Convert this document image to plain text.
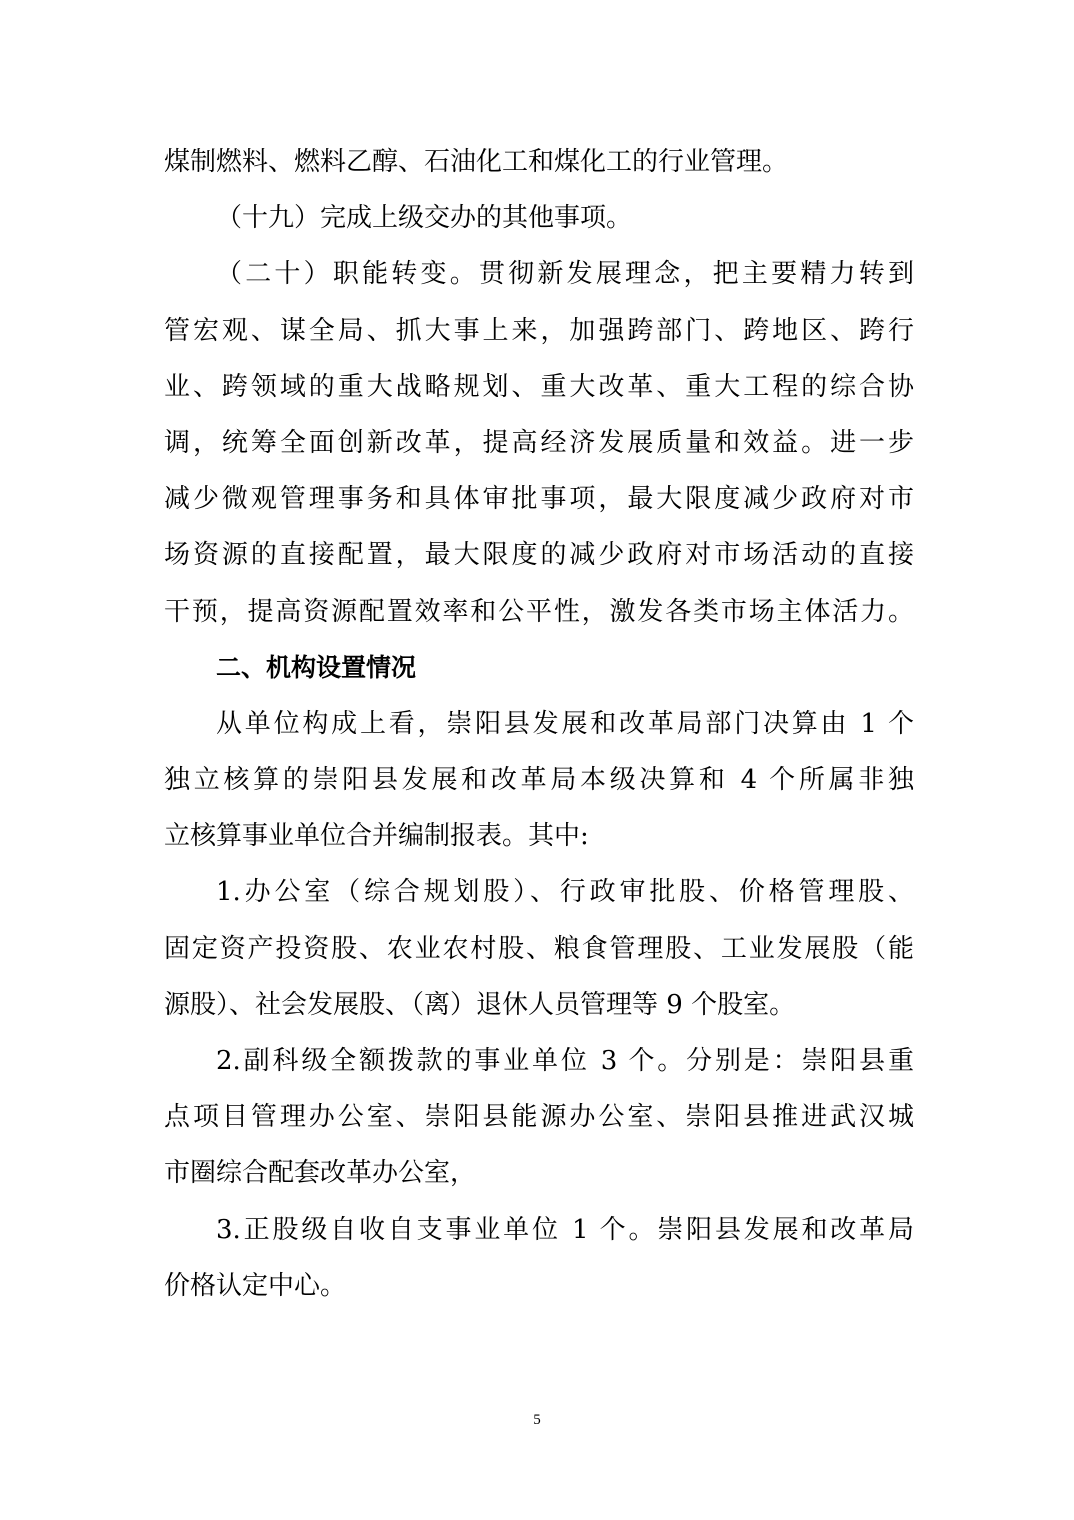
煤制燃料、燃料乙醇、石油化工和煤化工的行业管理。
（十九）完成上级交办的其他事项。
（二十）职能转变。贯彻新发展理念，把主要精力转到
管宏观、谋全局、抓大事上来，加强跨部门、跨地区、跨行
业、跨领域的重大战略规划、重大改革、重大工程的综合协
调，统筹全面创新改革，提高经济发展质量和效益。进一步
减少微观管理事务和具体审批事项，最大限度减少政府对市
场资源的直接配置，最大限度的减少政府对市场活动的直接
干预，提高资源配置效率和公平性，激发各类市场主体活力。
二、机构设置情况
从单位构成上看，崇阳县发展和改革局部门决算由 1 个
独立核算的崇阳县发展和改革局本级决算和 4 个所属非独
立核算事业单位合并编制报表。其中:
1.办公室（综合规划股）、行政审批股、价格管理股、
固定资产投资股、农业农村股、粮食管理股、工业发展股（能
源股）、社会发展股、（离）退休人员管理等 9 个股室。
2.副科级全额拨款的事业单位 3 个。分别是：崇阳县重
点项目管理办公室、崇阳县能源办公室、崇阳县推进武汉城
市圈综合配套改革办公室，
3.正股级自收自支事业单位 1 个。崇阳县发展和改革局
价格认定中心。
5
